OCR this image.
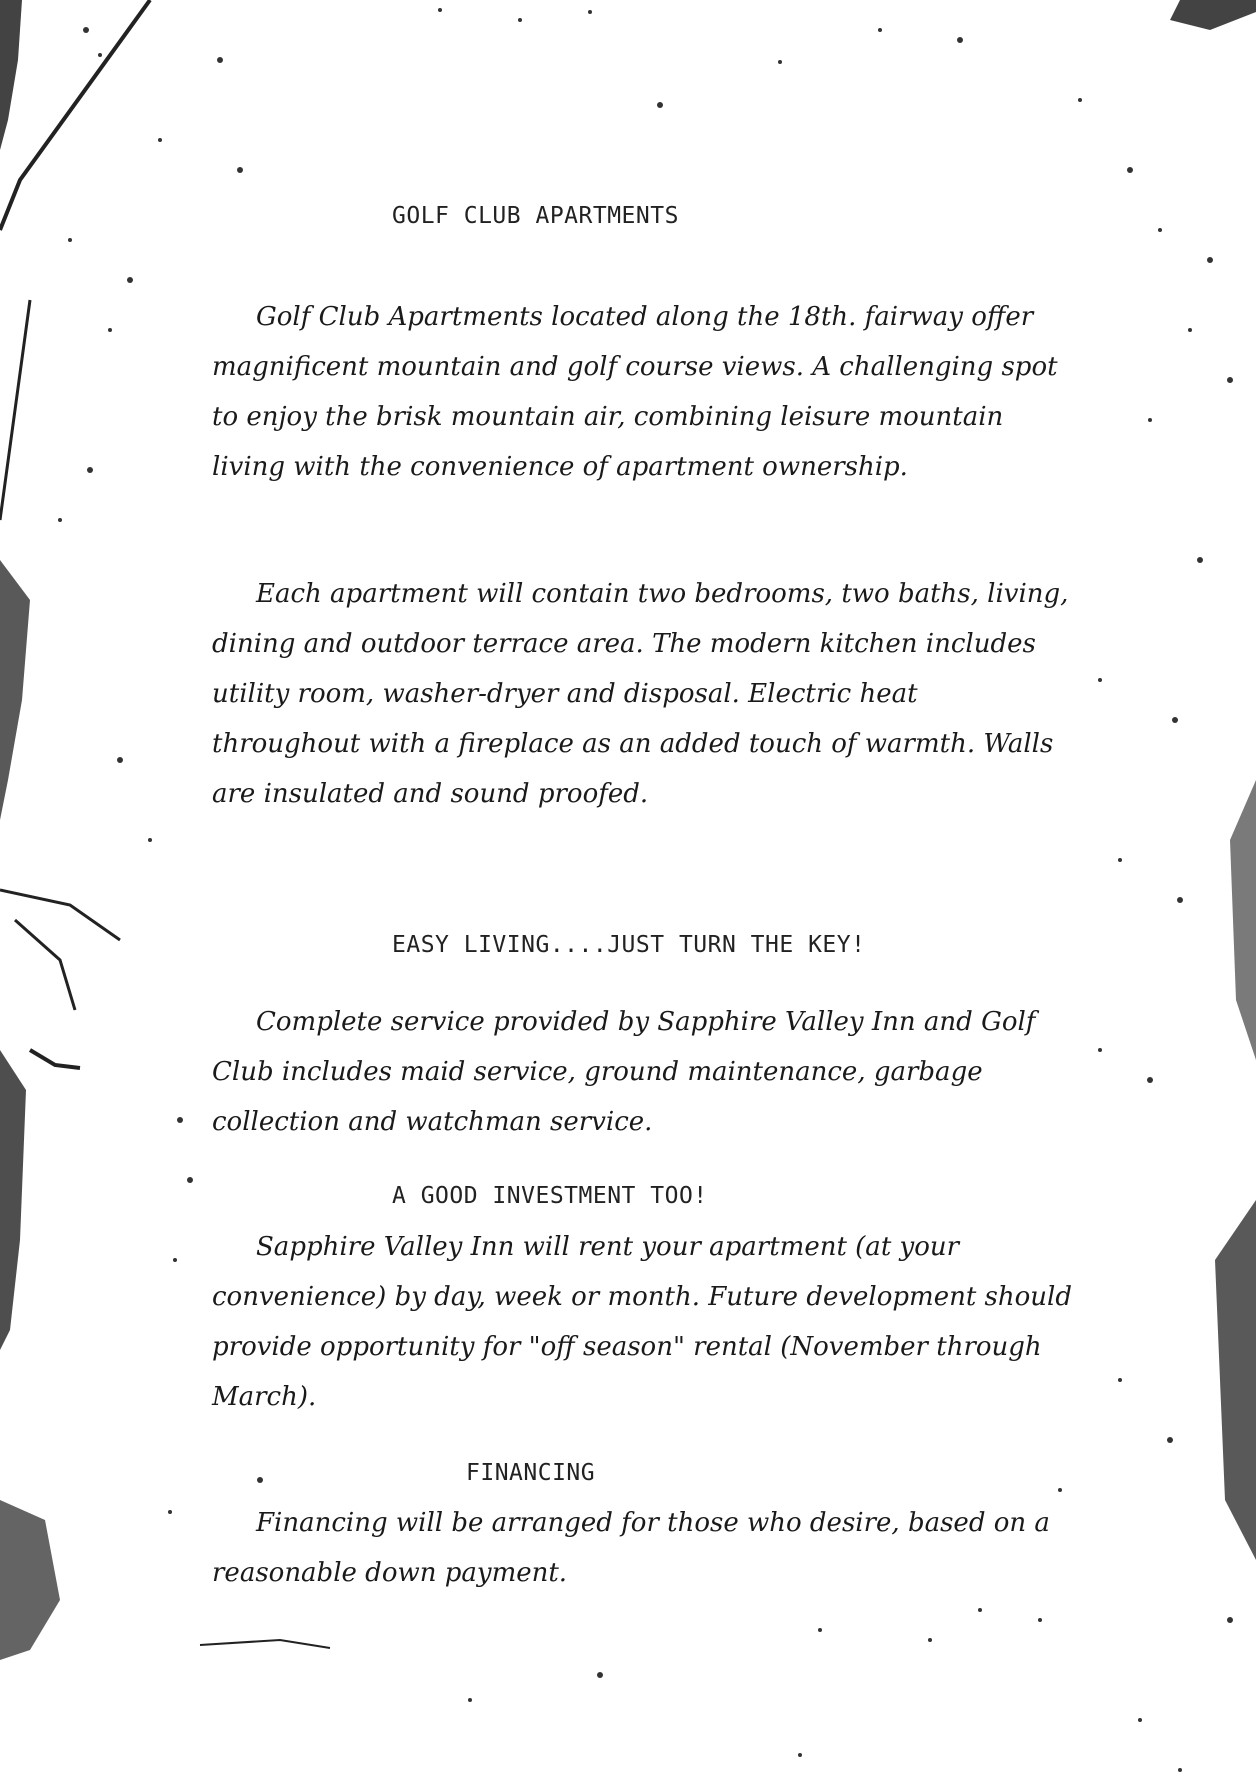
GOLF CLUB APARTMENTS
Golf Club Apartments located along the 18th. fairway offer magnificent mountain and golf course views. A challenging spot to enjoy the brisk mountain air, combining leisure mountain living with the convenience of apartment ownership.
Each apartment will contain two bedrooms, two baths, living, dining and outdoor terrace area. The modern kitchen includes utility room, washer-dryer and disposal. Electric heat throughout with a fireplace as an added touch of warmth. Walls are insulated and sound proofed.
EASY LIVING....JUST TURN THE KEY!
Complete service provided by Sapphire Valley Inn and Golf Club includes maid service, ground maintenance, garbage collection and watchman service.
A GOOD INVESTMENT TOO!
Sapphire Valley Inn will rent your apartment (at your convenience) by day, week or month. Future development should provide opportunity for "off season" rental (November through March).
FINANCING
Financing will be arranged for those who desire, based on a reasonable down payment.
